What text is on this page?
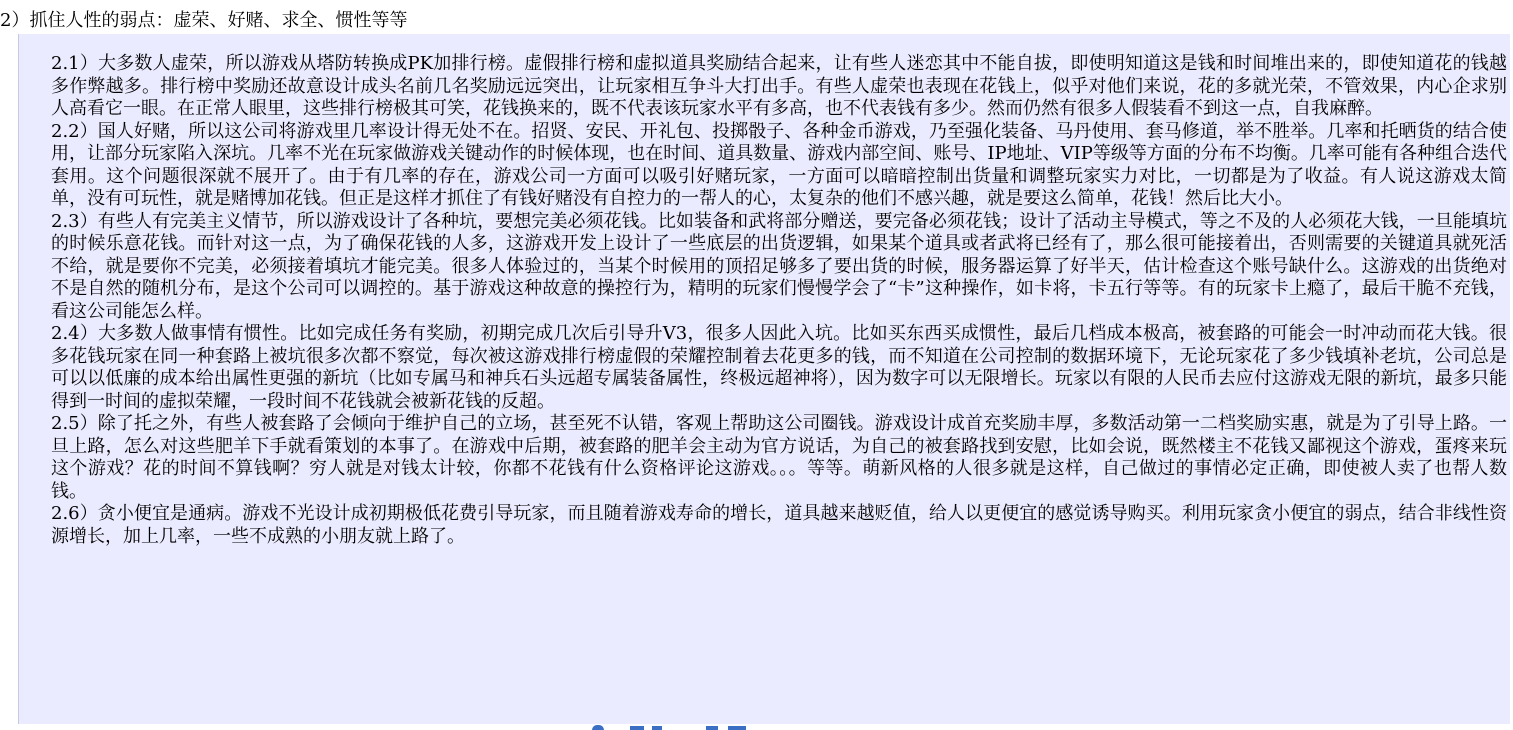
2）抓住人性的弱点：虚荣、好赌、求全、惯性等等

2.1）大多数人虚荣，所以游戏从塔防转换成PK加排行榜。虚假排行榜和虚拟道具奖励结合起来，让有些人迷恋其中不能自拔，即使明知道这是钱和时间堆出来的，即使知道花的钱越多作弊越多。排行榜中奖励还故意设计成头名前几名奖励远远突出，让玩家相互争斗大打出手。有些人虚荣也表现在花钱上，似乎对他们来说，花的多就光荣，不管效果，内心企求别人高看它一眼。在正常人眼里，这些排行榜极其可笑，花钱换来的，既不代表该玩家水平有多高，也不代表钱有多少。然而仍然有很多人假装看不到这一点，自我麻醉。

2.2）国人好赌，所以这公司将游戏里几率设计得无处不在。招贤、安民、开礼包、投掷骰子、各种金币游戏，乃至强化装备、马丹使用、套马修道，举不胜举。几率和托晒货的结合使用，让部分玩家陷入深坑。几率不光在玩家做游戏关键动作的时候体现，也在时间、道具数量、游戏内部空间、账号、IP地址、VIP等级等方面的分布不均衡。几率可能有各种组合迭代套用。这个问题很深就不展开了。由于有几率的存在，游戏公司一方面可以吸引好赌玩家，一方面可以暗暗控制出货量和调整玩家实力对比，一切都是为了收益。有人说这游戏太简单，没有可玩性，就是赌博加花钱。但正是这样才抓住了有钱好赌没有自控力的一帮人的心，太复杂的他们不感兴趣，就是要这么简单，花钱！然后比大小。

2.3）有些人有完美主义情节，所以游戏设计了各种坑，要想完美必须花钱。比如装备和武将部分赠送，要完备必须花钱；设计了活动主导模式，等之不及的人必须花大钱，一旦能填坑的时候乐意花钱。而针对这一点，为了确保花钱的人多，这游戏开发上设计了一些底层的出货逻辑，如果某个道具或者武将已经有了，那么很可能接着出，否则需要的关键道具就死活不给，就是要你不完美，必须接着填坑才能完美。很多人体验过的，当某个时候用的顶招足够多了要出货的时候，服务器运算了好半天，估计检查这个账号缺什么。这游戏的出货绝对不是自然的随机分布，是这个公司可以调控的。基于游戏这种故意的操控行为，精明的玩家们慢慢学会了“卡”这种操作，如卡将，卡五行等等。有的玩家卡上瘾了，最后干脆不充钱，看这公司能怎么样。

2.4）大多数人做事情有惯性。比如完成任务有奖励，初期完成几次后引导升V3，很多人因此入坑。比如买东西买成惯性，最后几档成本极高，被套路的可能会一时冲动而花大钱。很多花钱玩家在同一种套路上被坑很多次都不察觉，每次被这游戏排行榜虚假的荣耀控制着去花更多的钱，而不知道在公司控制的数据环境下，无论玩家花了多少钱填补老坑，公司总是可以以低廉的成本给出属性更强的新坑（比如专属马和神兵石头远超专属装备属性，终极远超神将），因为数字可以无限增长。玩家以有限的人民币去应付这游戏无限的新坑，最多只能得到一时间的虚拟荣耀，一段时间不花钱就会被新花钱的反超。

2.5）除了托之外，有些人被套路了会倾向于维护自己的立场，甚至死不认错，客观上帮助这公司圈钱。游戏设计成首充奖励丰厚，多数活动第一二档奖励实惠，就是为了引导上路。一旦上路，怎么对这些肥羊下手就看策划的本事了。在游戏中后期，被套路的肥羊会主动为官方说话，为自己的被套路找到安慰，比如会说，既然楼主不花钱又鄙视这个游戏，蛋疼来玩这个游戏？花的时间不算钱啊？穷人就是对钱太计较，你都不花钱有什么资格评论这游戏。。。等等。萌新风格的人很多就是这样，自己做过的事情必定正确，即使被人卖了也帮人数钱。

2.6）贪小便宜是通病。游戏不光设计成初期极低花费引导玩家，而且随着游戏寿命的增长，道具越来越贬值，给人以更便宜的感觉诱导购买。利用玩家贪小便宜的弱点，结合非线性资源增长，加上几率，一些不成熟的小朋友就上路了。
